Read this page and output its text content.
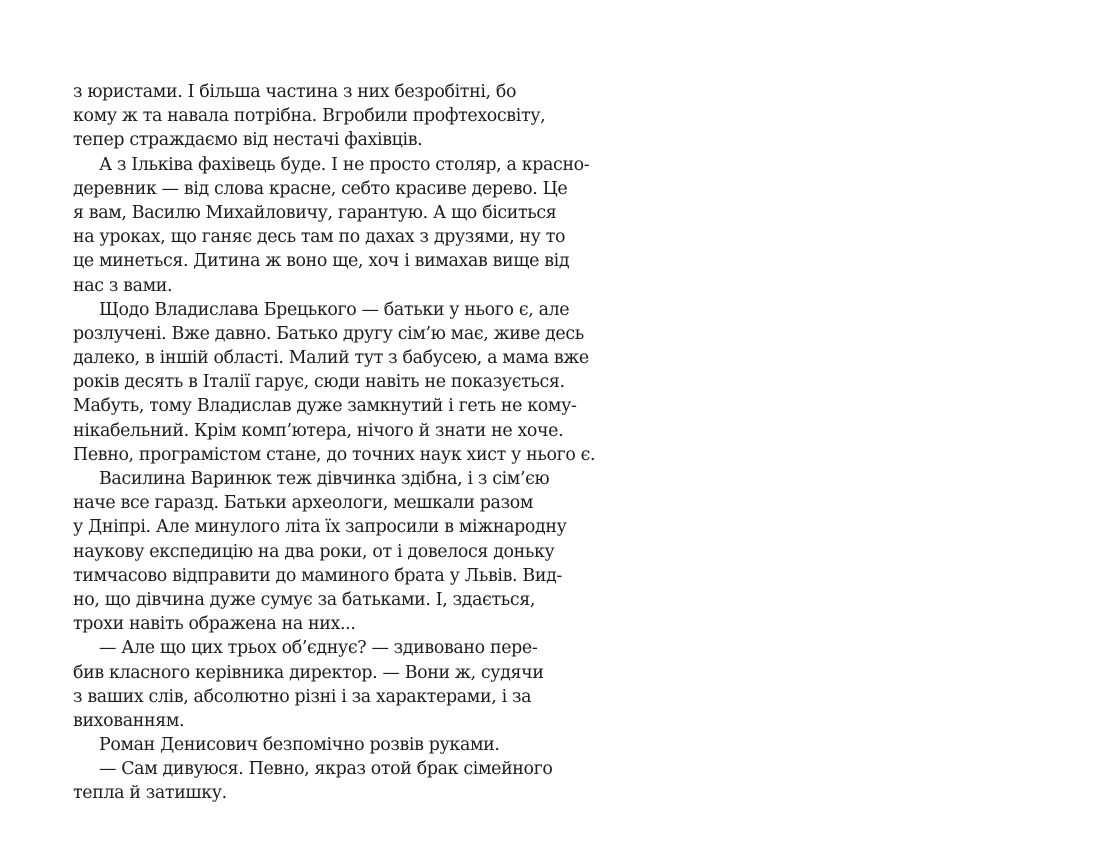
з юристами. І більша частина з них безробітні, бо
кому ж та навала потрібна. Вгробили профтехосвіту,
тепер страждаємо від нестачі фахівців.
А з Ільківа фахівець буде. І не просто столяр, а красно-
деревник — від слова красне, себто красиве дерево. Це
я вам, Василю Михайловичу, гарантую. А що біситься
на уроках, що ганяє десь там по дахах з друзями, ну то
це минеться. Дитина ж воно ще, хоч і вимахав вище від
нас з вами.
Щодо Владислава Брецького — батьки у нього є, але
розлучені. Вже давно. Батько другу сім’ю має, живе десь
далеко, в іншій області. Малий тут з бабусею, а мама вже
років десять в Італії гарує, сюди навіть не показується.
Мабуть, тому Владислав дуже замкнутий і геть не кому-
нікабельний. Крім комп’ютера, нічого й знати не хоче.
Певно, програмістом стане, до точних наук хист у нього є.
Василина Варинюк теж дівчинка здібна, і з сім’єю
наче все гаразд. Батьки археологи, мешкали разом
у Дніпрі. Але минулого літа їх запросили в міжнародну
наукову експедицію на два роки, от і довелося доньку
тимчасово відправити до маминого брата у Львів. Вид-
но, що дівчина дуже сумує за батьками. І, здається,
трохи навіть ображена на них...
— Але що цих трьох об’єднує? — здивовано пере-
бив класного керівника директор. — Вони ж, судячи
з ваших слів, абсолютно різні і за характерами, і за
вихованням.
Роман Денисович безпомічно розвів руками.
— Сам дивуюся. Певно, якраз отой брак сімейного
тепла й затишку.
